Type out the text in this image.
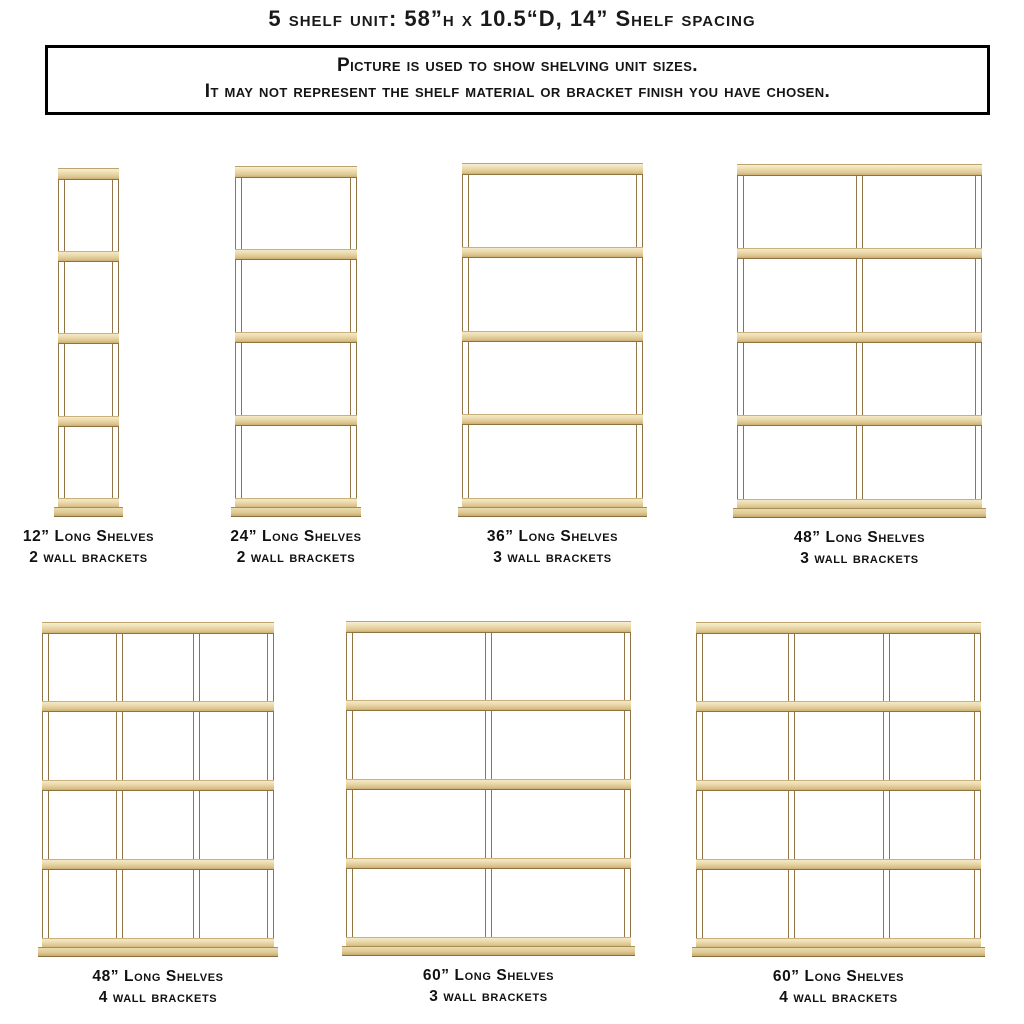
5 shelf unit: 58”h x 10.5“D, 14” Shelf spacing
Picture is used to show shelving unit sizes.
It may not represent the shelf material or bracket finish you have chosen.
12” Long Shelves
2 wall brackets
24” Long Shelves
2 wall brackets
36” Long Shelves
3 wall brackets
48” Long Shelves
3 wall brackets
48” Long Shelves
4 wall brackets
60” Long Shelves
3 wall brackets
60” Long Shelves
4 wall brackets
